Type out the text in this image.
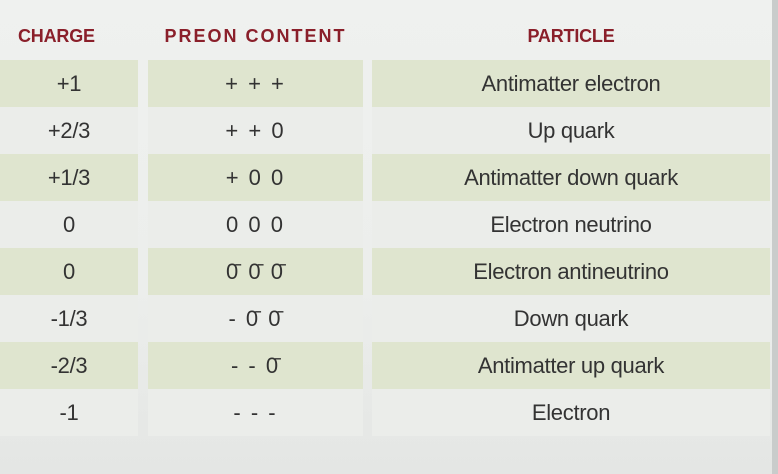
CHARGE	PREON CONTENT	PARTICLE
+1	+ + +	Antimatter electron
+2/3	+ + 0	Up quark
+1/3	+ 0 0	Antimatter down quark
0	0 0 0	Electron neutrino
0	0̄ 0̄ 0̄	Electron antineutrino
-1/3	- 0̄ 0̄	Down quark
-2/3	- - 0̄	Antimatter up quark
-1	- - -	Electron
